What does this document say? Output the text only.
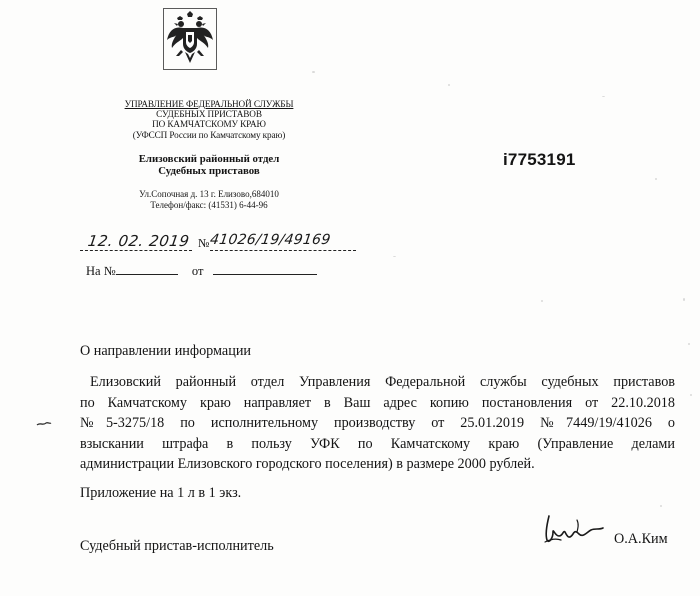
УПРАВЛЕНИЕ ФЕДЕРАЛЬНОЙ СЛУЖБЫ
СУДЕБНЫХ ПРИСТАВОВ
ПО КАМЧАТСКОМУ КРАЮ
(УФССП России по Камчатскому краю)
Елизовский районный отдел
Судебных приставов
Ул.Сопочная д. 13 г. Елизово,684010
Телефон/факс: (41531) 6-44-96
i7753191
12. 02. 2019 № 41026/19/49169
На №	от
О направлении информации
Елизовский районный отдел Управления Федеральной службы судебных приставов
по Камчатскому краю направляет в Ваш адрес копию постановления от 22.10.2018
№5-3275/18 по исполнительному производству от 25.01.2019 №7449/19/41026 о
взыскании штрафа в пользу УФК по Камчатскому краю (Управление делами
администрации Елизовского городского поселения) в размере 2000 рублей.
Приложение на 1 л в 1 экз.
Судебный пристав-исполнитель	О.А.Ким
